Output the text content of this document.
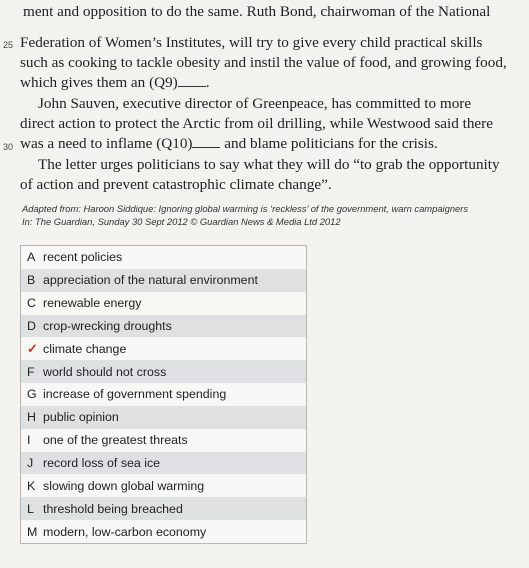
ment and opposition to do the same. Ruth Bond, chairwoman of the National
25 Federation of Women’s Institutes, will try to give every child practical skills
such as cooking to tackle obesity and instil the value of food, and growing food,
which gives them an (Q9) .
John Sauven, executive director of Greenpeace, has committed to more
direct action to protect the Arctic from oil drilling, while Westwood said there
30 was a need to inflame (Q10) and blame politicians for the crisis.
The letter urges politicians to say what they will do “to grab the opportunity
of action and prevent catastrophic climate change”.
Adapted from: Haroon Siddique: Ignoring global warming is ‘reckless’ of the government, warn campaigners
In: The Guardian, Sunday 30 Sept 2012 © Guardian News & Media Ltd 2012
A recent policies
B appreciation of the natural environment
C renewable energy
D crop-wrecking droughts
✓ climate change
F world should not cross
G increase of government spending
H public opinion
I	one of the greatest threats
J record loss of sea ice
K slowing down global warming
L threshold being breached
M modern, low-carbon economy
